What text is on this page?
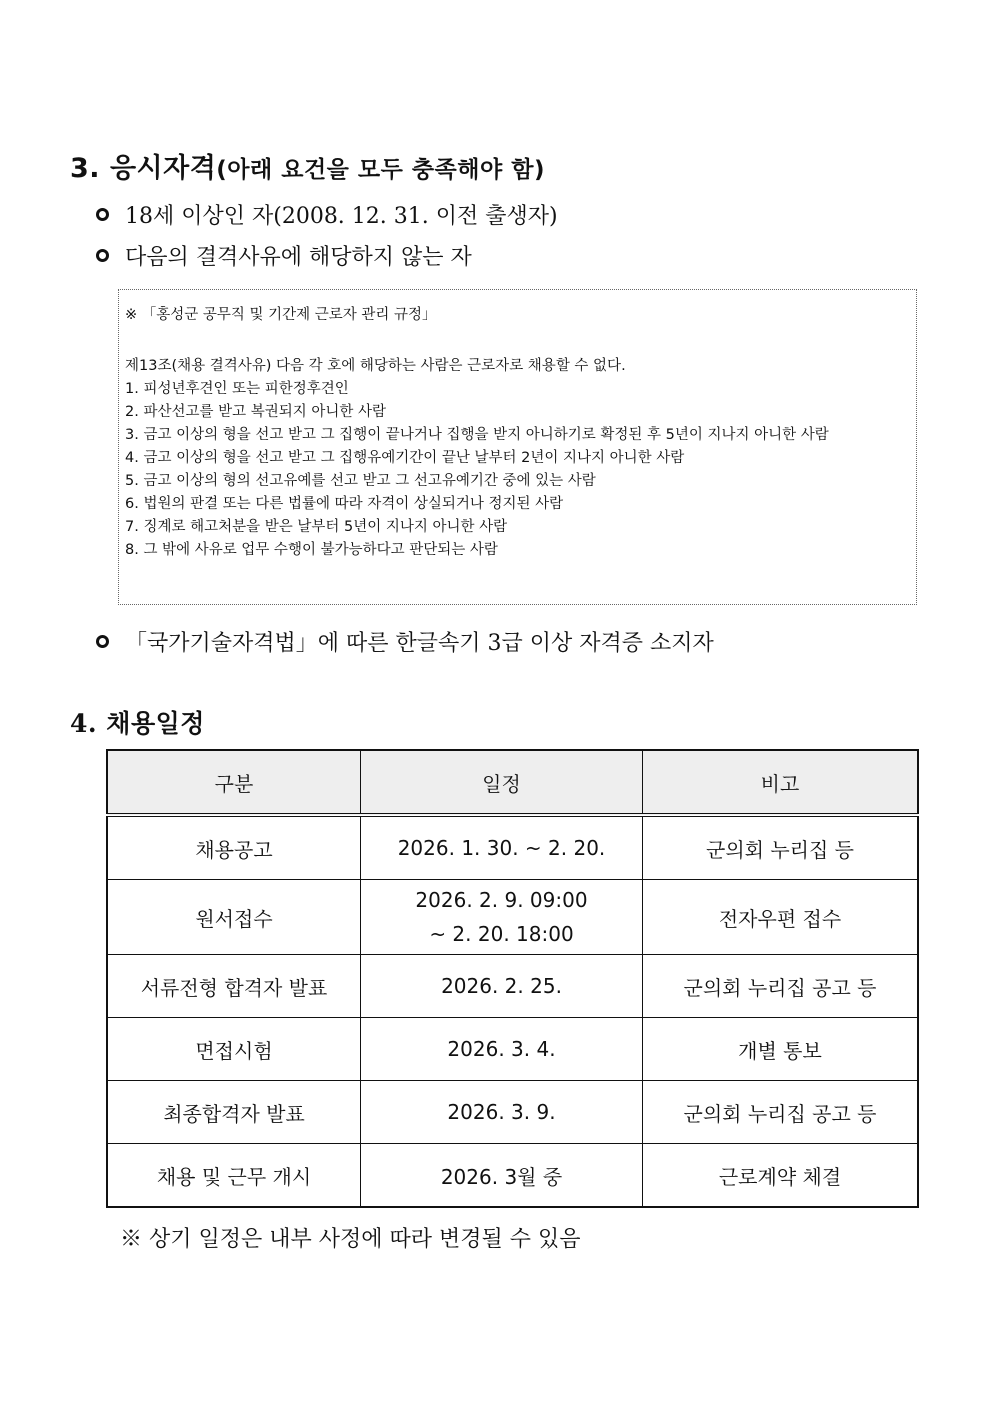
3. 응시자격(아래 요건을 모두 충족해야 함)
18세 이상인 자(2008. 12. 31. 이전 출생자)
다음의 결격사유에 해당하지 않는 자

※ 「홍성군 공무직 및 기간제 근로자 관리 규정」

제13조(채용 결격사유) 다음 각 호에 해당하는 사람은 근로자로 채용할 수 없다.

1. 피성년후견인 또는 피한정후견인

2. 파산선고를 받고 복권되지 아니한 사람

3. 금고 이상의 형을 선고 받고 그 집행이 끝나거나 집행을 받지 아니하기로 확정된 후 5년이 지나지 아니한 사람

4. 금고 이상의 형을 선고 받고 그 집행유예기간이 끝난 날부터 2년이 지나지 아니한 사람

5. 금고 이상의 형의 선고유예를 선고 받고 그 선고유예기간 중에 있는 사람

6. 법원의 판결 또는 다른 법률에 따라 자격이 상실되거나 정지된 사람

7. 징계로 해고처분을 받은 날부터 5년이 지나지 아니한 사람

8. 그 밖에 사유로 업무 수행이 불가능하다고 판단되는 사람

「국가기술자격법」에 따른 한글속기 3급 이상 자격증 소지자
4. 채용일정
구분	일정	비고
채용공고	2026. 1. 30. ~ 2. 20.	군의회 누리집 등
원서접수	2026. 2. 9. 09:00
~ 2. 20. 18:00	전자우편 접수
서류전형 합격자 발표	2026. 2. 25.	군의회 누리집 공고 등
면접시험	2026. 3. 4.	개별 통보
최종합격자 발표	2026. 3. 9.	군의회 누리집 공고 등
채용 및 근무 개시	2026. 3월 중	근로계약 체결
※ 상기 일정은 내부 사정에 따라 변경될 수 있음
